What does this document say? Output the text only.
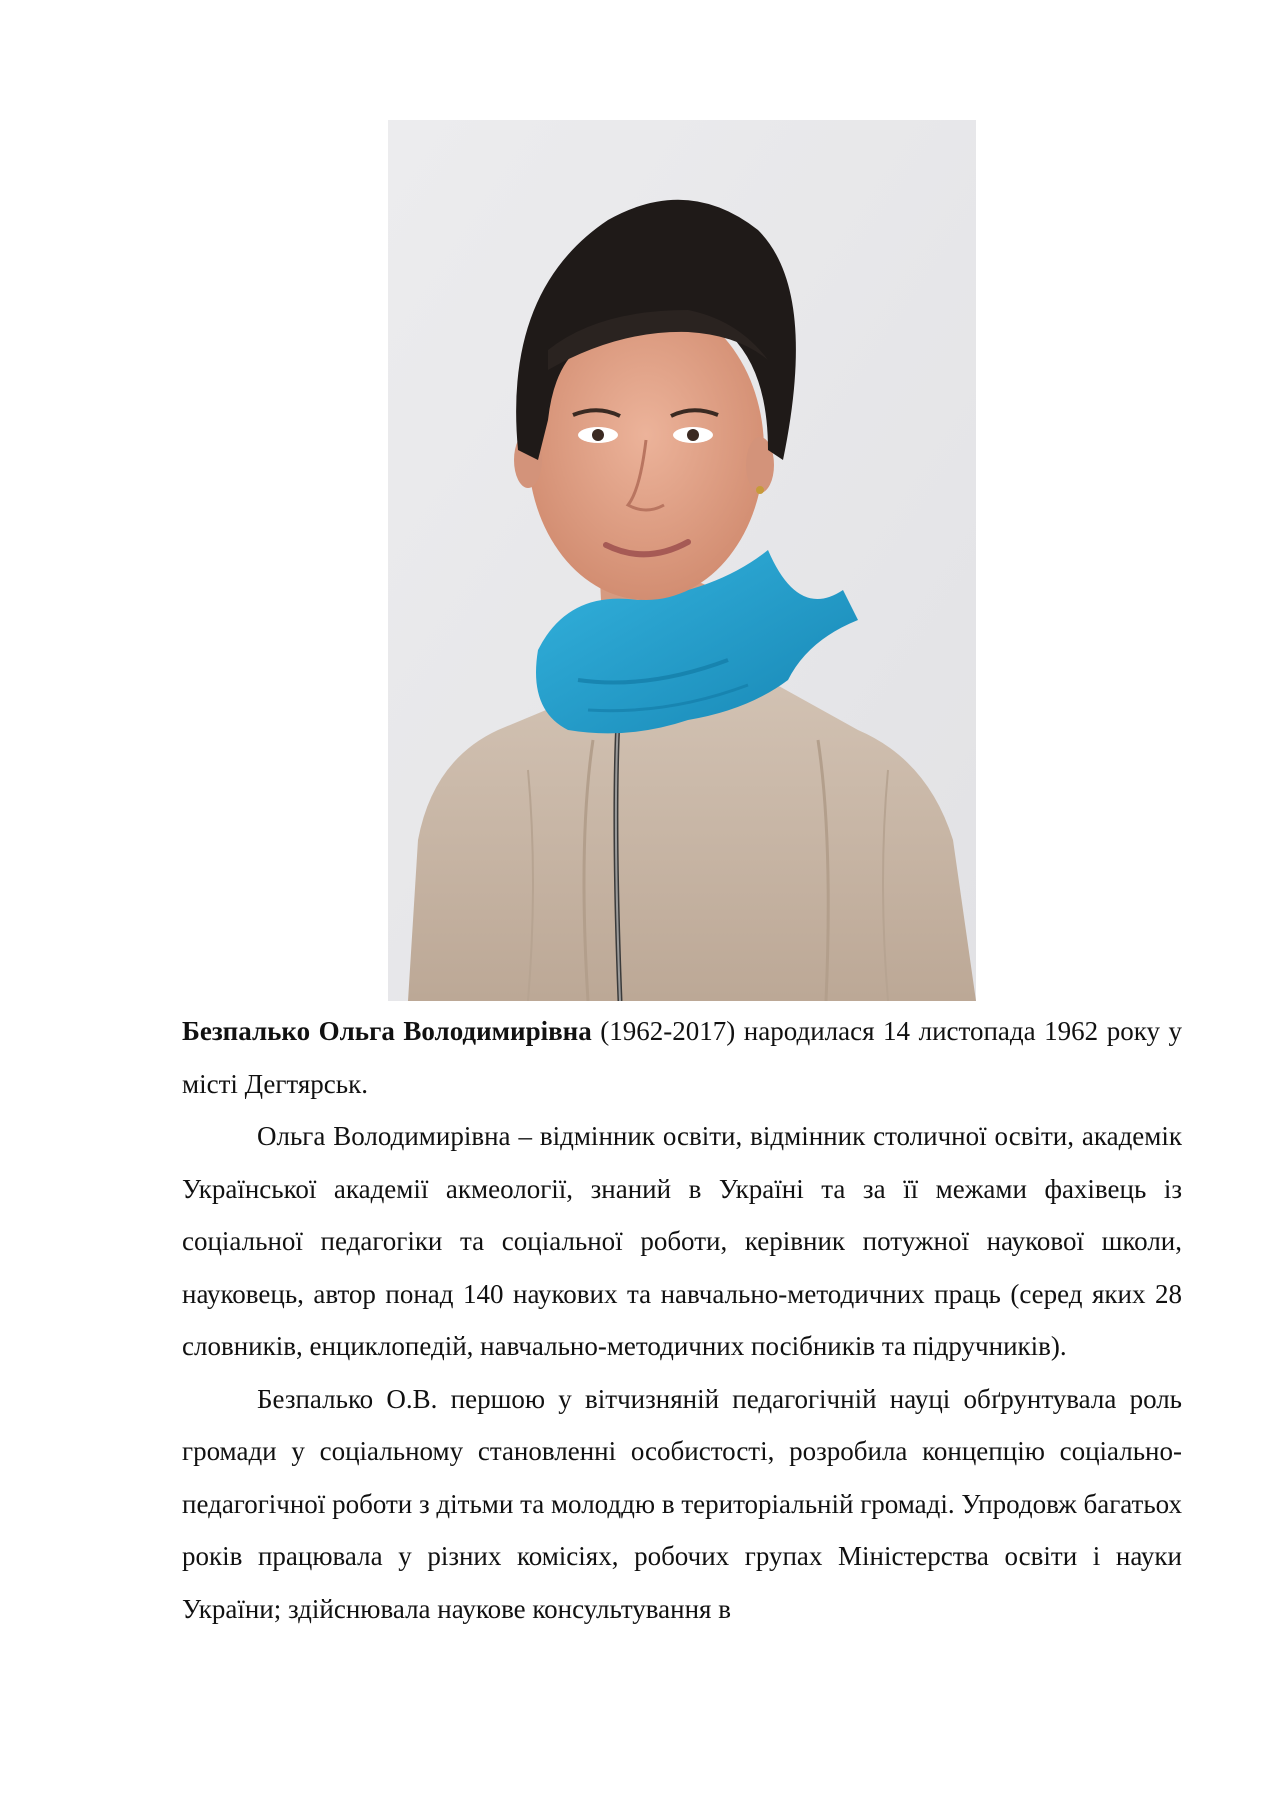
Безпалько Ольга Володимирівна (1962-2017) народилася 14 листопада 1962 року у місті Дегтярськ.

Ольга Володимирівна – відмінник освіти, відмінник столичної освіти, академік Української академії акмеології, знаний в Україні та за її межами фахівець із соціальної педагогіки та соціальної роботи, керівник потужної наукової школи, науковець, автор понад 140 наукових та навчально-методичних праць (серед яких 28 словників, енциклопедій, навчально-методичних посібників та підручників).

Безпалько О.В. першою у вітчизняній педагогічній науці обґрунтувала роль громади у соціальному становленні особистості, розробила концепцію соціально-педагогічної роботи з дітьми та молоддю в територіальній громаді. Упродовж багатьох років працювала у різних комісіях, робочих групах Міністерства освіти і науки України; здійснювала наукове консультування в
